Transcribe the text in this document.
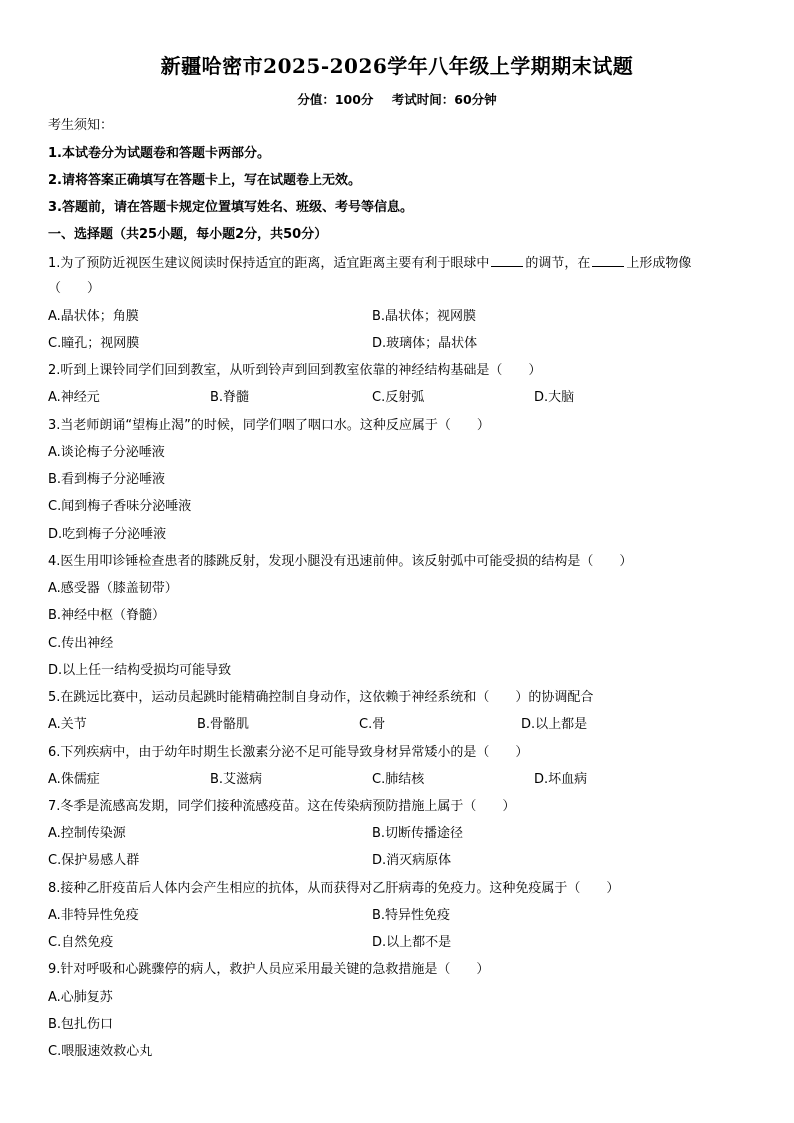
新疆哈密市2025-2026学年八年级上学期期末试题
分值：100分 考试时间：60分钟
考生须知：
1.本试卷分为试题卷和答题卡两部分。
2.请将答案正确填写在答题卡上，写在试题卷上无效。
3.答题前，请在答题卡规定位置填写姓名、班级、考号等信息。
一、选择题（共25小题，每小题2分，共50分）
1.为了预防近视医生建议阅读时保持适宜的距离，适宜距离主要有利于眼球中	的调节，在	上形成物像
（　　）
A.晶状体；角膜	B.晶状体；视网膜
C.瞳孔；视网膜	D.玻璃体；晶状体
2.听到上课铃同学们回到教室，从听到铃声到回到教室依靠的神经结构基础是（　　）
A.神经元	B.脊髓	C.反射弧	D.大脑
3.当老师朗诵“望梅止渴”的时候，同学们咽了咽口水。这种反应属于（　　）
A.谈论梅子分泌唾液
B.看到梅子分泌唾液
C.闻到梅子香味分泌唾液
D.吃到梅子分泌唾液
4.医生用叩诊锤检查患者的膝跳反射，发现小腿没有迅速前伸。该反射弧中可能受损的结构是（　　）
A.感受器（膝盖韧带）
B.神经中枢（脊髓）
C.传出神经
D.以上任一结构受损均可能导致
5.在跳远比赛中，运动员起跳时能精确控制自身动作，这依赖于神经系统和（　　）的协调配合
A.关节	B.骨骼肌	C.骨	D.以上都是
6.下列疾病中，由于幼年时期生长激素分泌不足可能导致身材异常矮小的是（　　）
A.侏儒症	B.艾滋病	C.肺结核	D.坏血病
7.冬季是流感高发期，同学们接种流感疫苗。这在传染病预防措施上属于（　　）
A.控制传染源	B.切断传播途径
C.保护易感人群	D.消灭病原体
8.接种乙肝疫苗后人体内会产生相应的抗体，从而获得对乙肝病毒的免疫力。这种免疫属于（　　）
A.非特异性免疫	B.特异性免疫
C.自然免疫	D.以上都不是
9.针对呼吸和心跳骤停的病人，救护人员应采用最关键的急救措施是（　　）
A.心肺复苏
B.包扎伤口
C.喂服速效救心丸
